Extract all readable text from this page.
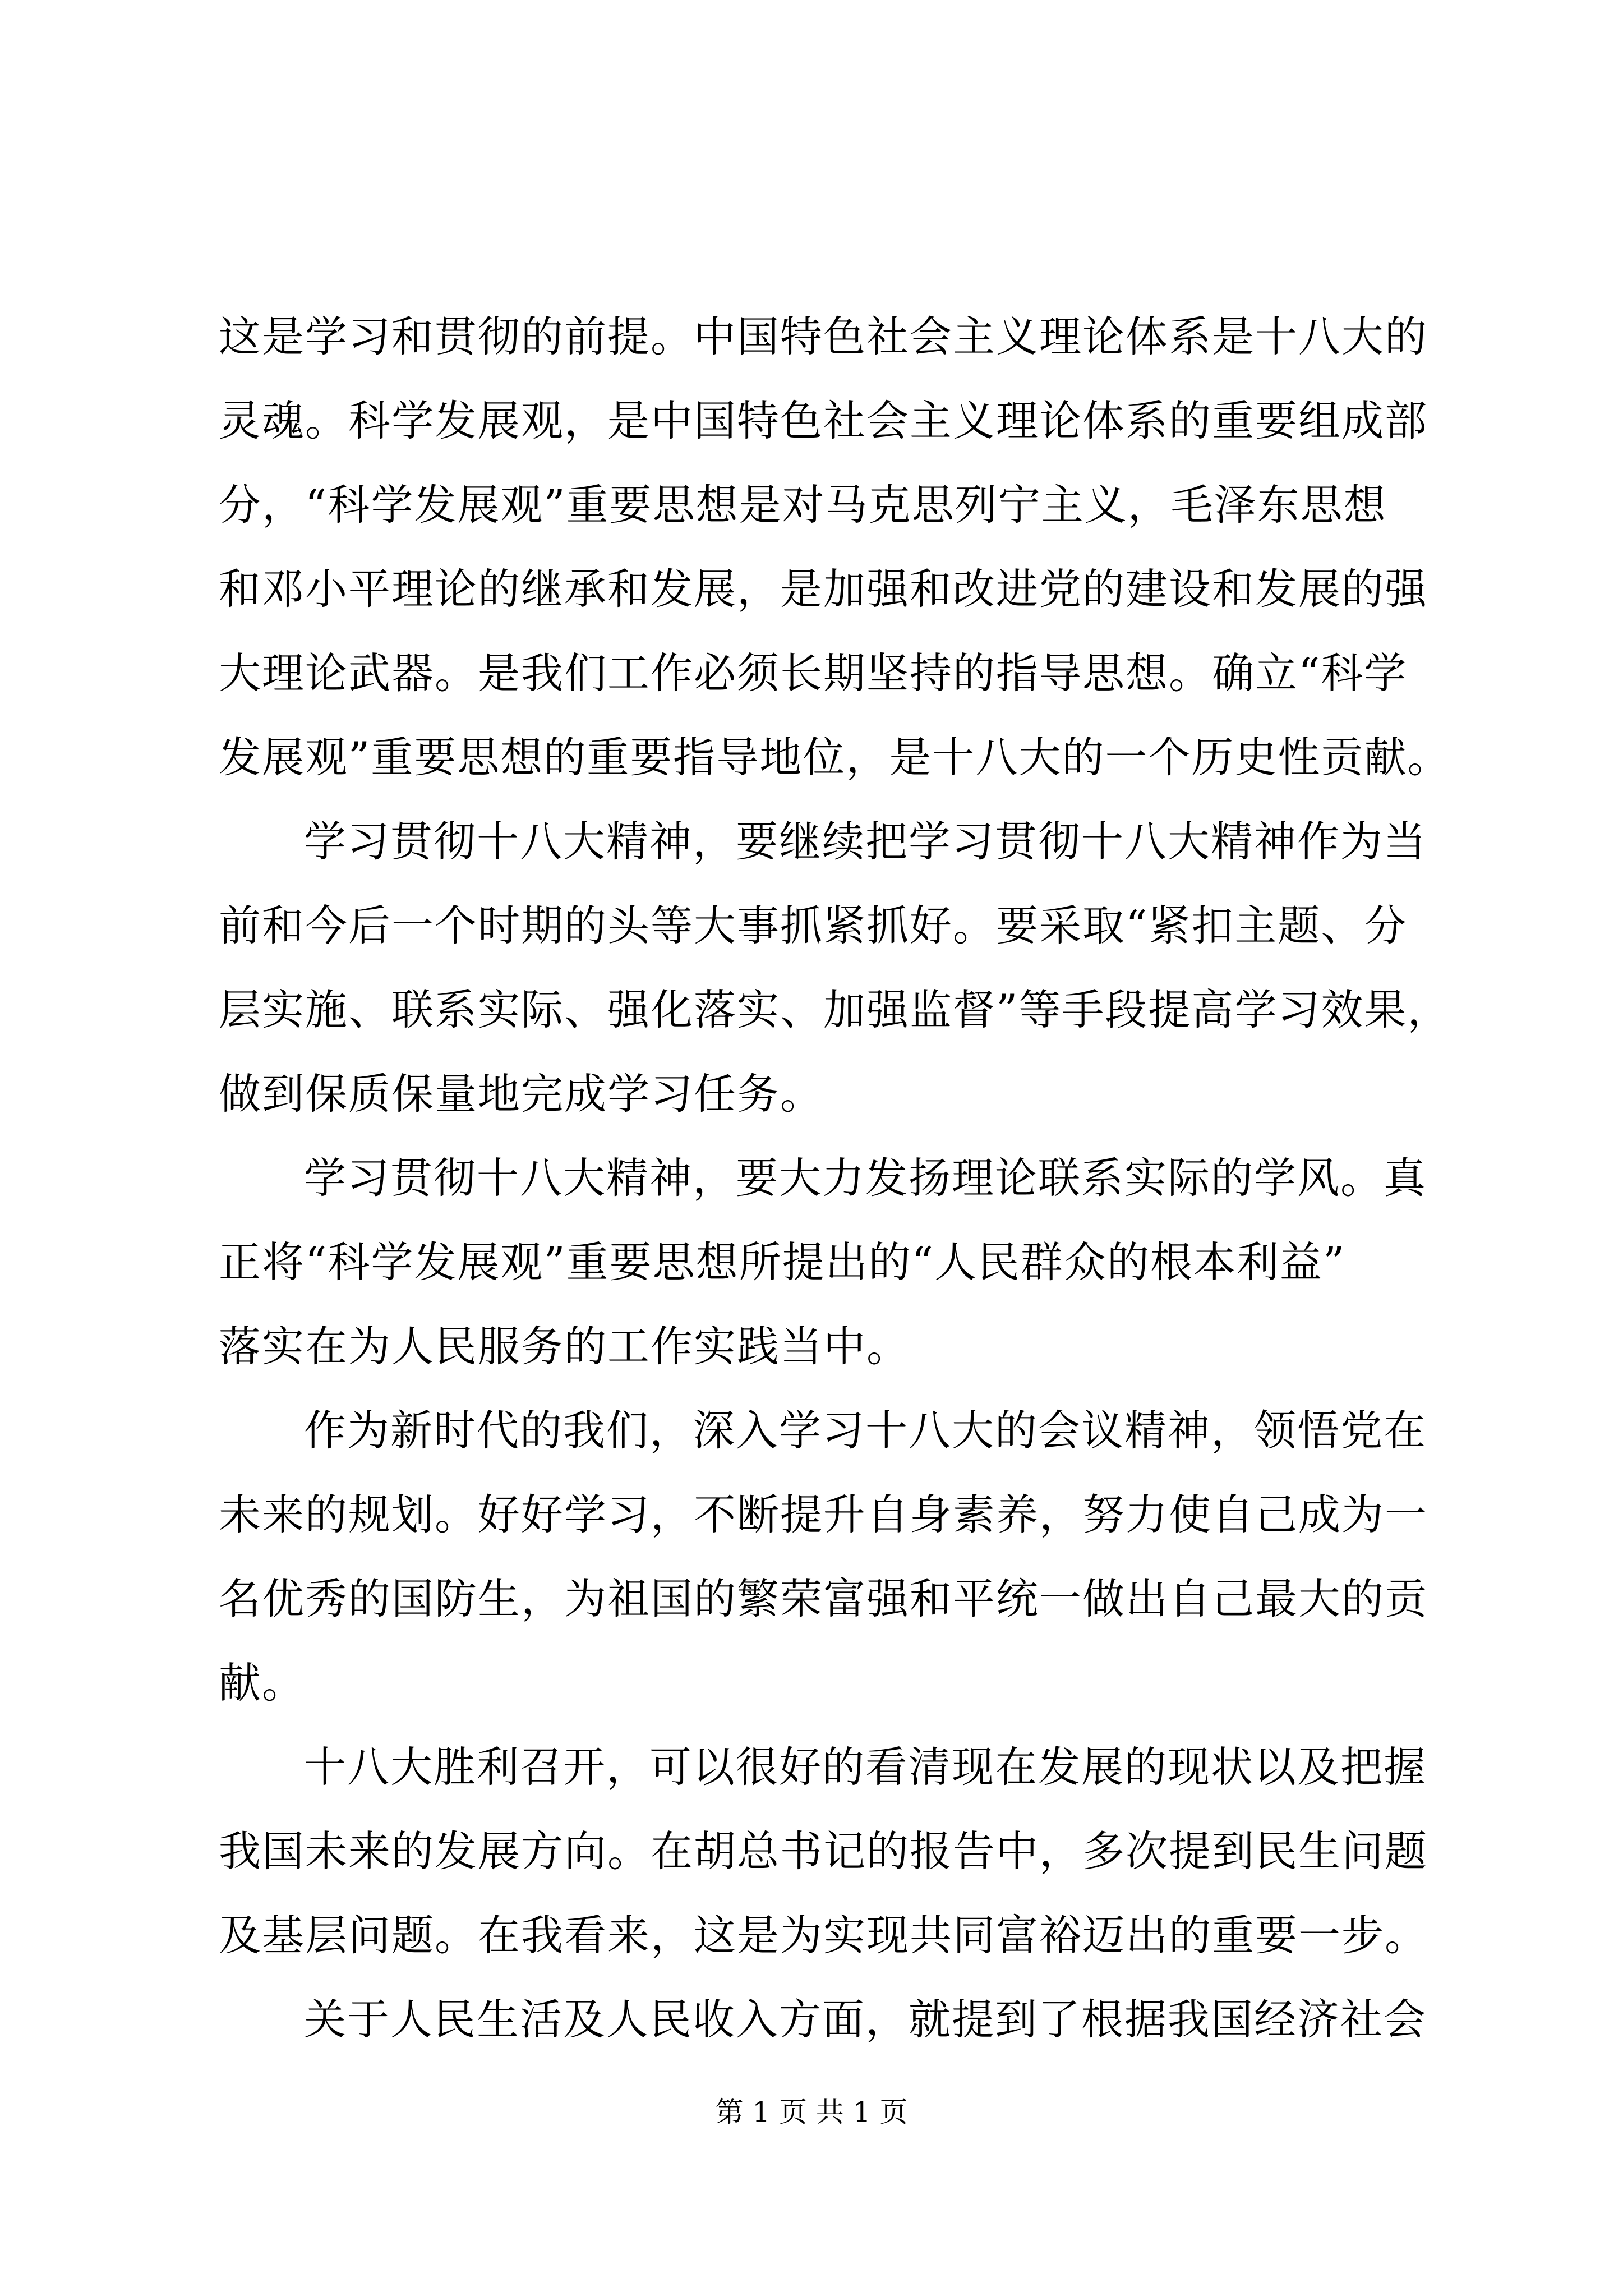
这是学习和贯彻的前提。中国特色社会主义理论体系是十八大的
灵魂。科学发展观，是中国特色社会主义理论体系的重要组成部
分，“科学发展观”重要思想是对马克思列宁主义，毛泽东思想
和邓小平理论的继承和发展，是加强和改进党的建设和发展的强
大理论武器。是我们工作必须长期坚持的指导思想。确立“科学
发展观”重要思想的重要指导地位，是十八大的一个历史性贡献。
学习贯彻十八大精神，要继续把学习贯彻十八大精神作为当
前和今后一个时期的头等大事抓紧抓好。要采取“紧扣主题、分
层实施、联系实际、强化落实、加强监督”等手段提高学习效果，
做到保质保量地完成学习任务。
学习贯彻十八大精神，要大力发扬理论联系实际的学风。真
正将“科学发展观”重要思想所提出的“人民群众的根本利益”
落实在为人民服务的工作实践当中。
作为新时代的我们，深入学习十八大的会议精神，领悟党在
未来的规划。好好学习，不断提升自身素养，努力使自己成为一
名优秀的国防生，为祖国的繁荣富强和平统一做出自己最大的贡
献。
十八大胜利召开，可以很好的看清现在发展的现状以及把握
我国未来的发展方向。在胡总书记的报告中，多次提到民生问题
及基层问题。在我看来，这是为实现共同富裕迈出的重要一步。
关于人民生活及人民收入方面，就提到了根据我国经济社会
第 1 页 共 1 页
